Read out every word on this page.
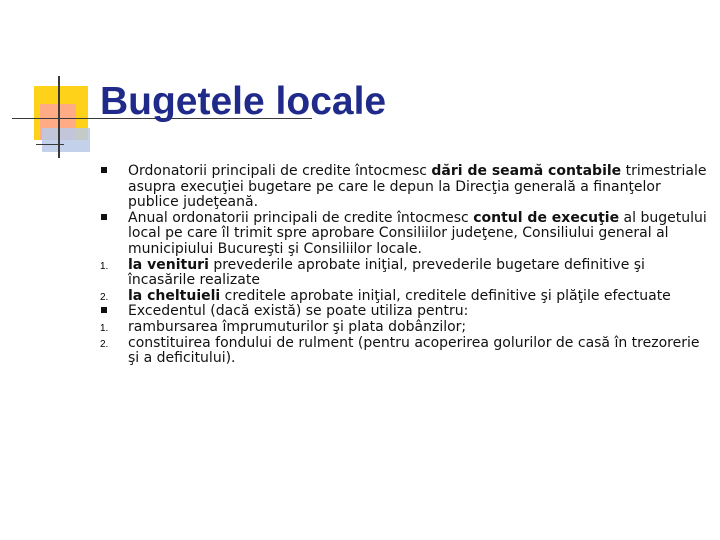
Bugetele locale
Ordonatorii principali de credite întocmesc dări de seamă contabile trimestriale asupra execuţiei bugetare pe care le depun la Direcţia generală a finanţelor publice judeţeană.
Anual ordonatorii principali de credite întocmesc contul de execuţie al bugetului local pe care îl trimit spre aprobare Consiliilor judeţene, Consiliului general al municipiului Bucureşti şi Consiliilor locale.
1.	la venituri prevederile aprobate iniţial, prevederile bugetare definitive şi încasările realizate
2.	la cheltuieli creditele aprobate iniţial, creditele definitive şi plăţile efectuate
Excedentul (dacă există) se poate utiliza pentru:
1.	rambursarea împrumuturilor şi plata dobânzilor;
2.	constituirea fondului de rulment (pentru acoperirea golurilor de casă în trezorerie şi a deficitului).
